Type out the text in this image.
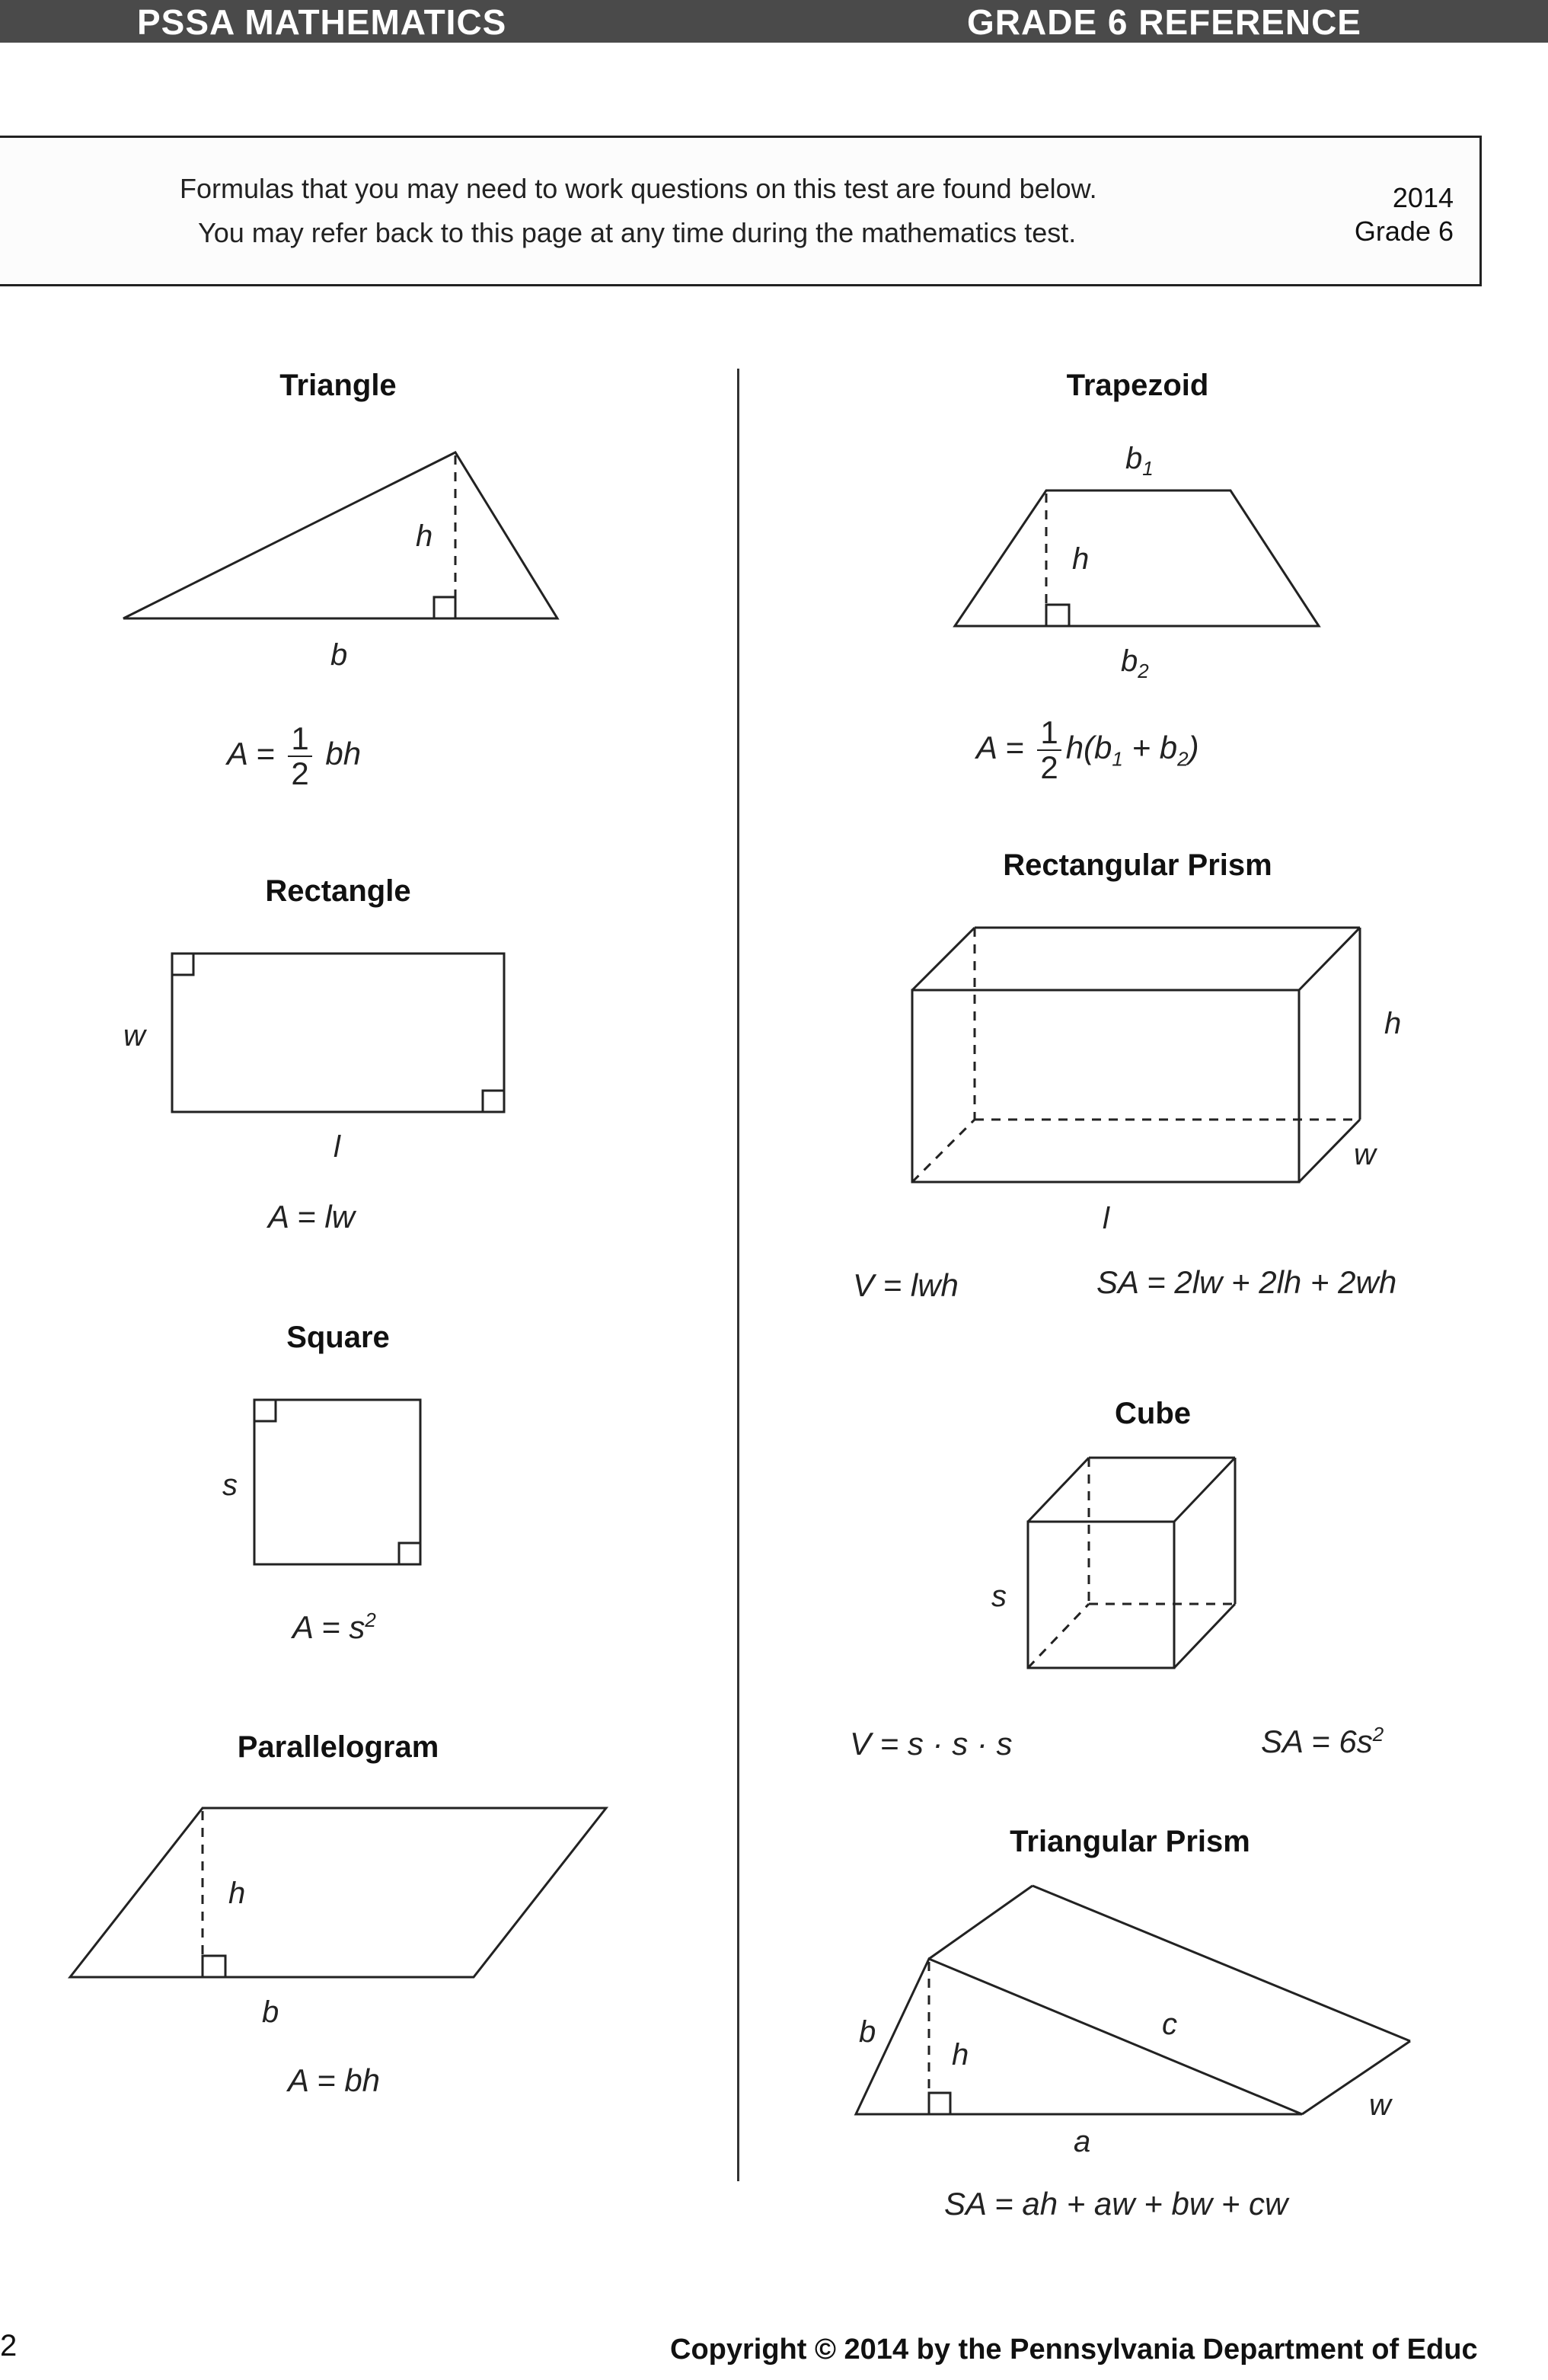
PSSA MATHEMATICS	GRADE 6 REFERENCE
Formulas that you may need to work questions on this test are found below.
You may refer back to this page at any time during the mathematics test.
2014
Grade 6
Triangle
h
b
$A = \frac{1}{2}$ bh
Rectangle
w
l
A = lw
Square
s
$A = s^2$
Parallelogram
h
b
A = bh
Trapezoid
$b_1$
h
$b_2$
$A = \frac{1}{2} h(b_1 + b_2)$
Rectangular Prism
h
w
l
V = lwh	SA = 2lw + 2lh + 2wh
Cube
s
V = s · s · s	SA = $6s^2$
Triangular Prism
b
h
c
w
a
SA = ah + aw + bw + cw
2	Copyright © 2014 by the Pennsylvania Department of Educ
